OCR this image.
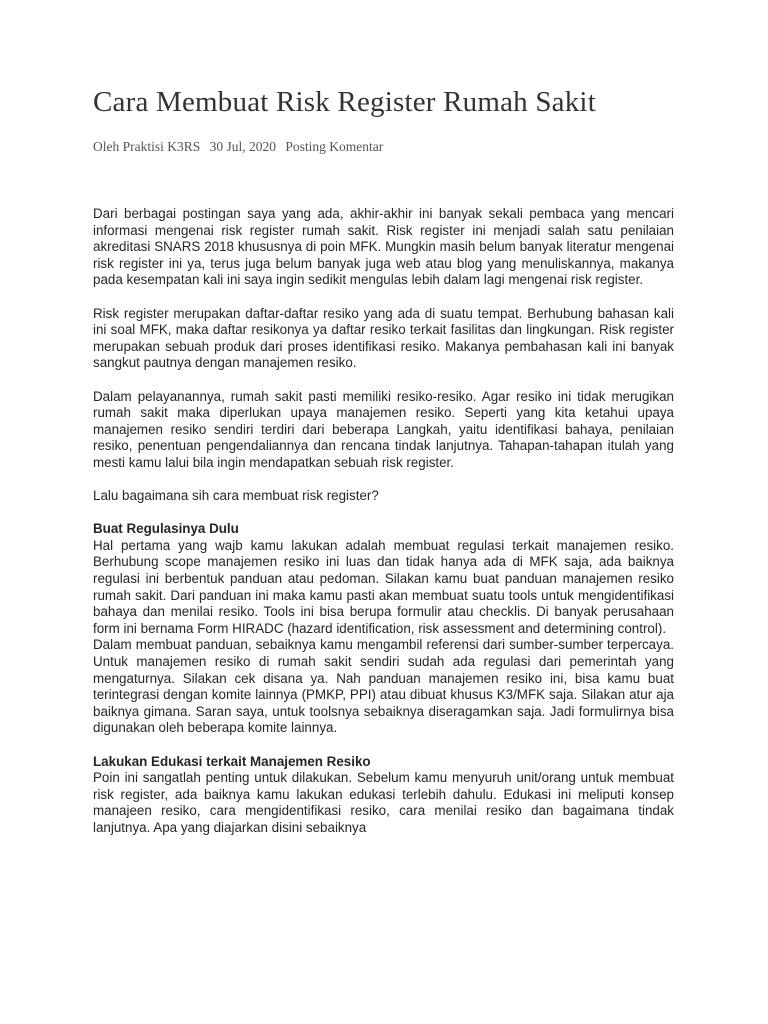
Cara Membuat Risk Register Rumah Sakit
Oleh Praktisi K3RS 30 Jul, 2020 Posting Komentar

Dari berbagai postingan saya yang ada, akhir-akhir ini banyak sekali pembaca yang mencari informasi mengenai risk register rumah sakit. Risk register ini menjadi salah satu penilaian akreditasi SNARS 2018 khususnya di poin MFK. Mungkin masih belum banyak literatur mengenai risk register ini ya, terus juga belum banyak juga web atau blog yang menuliskannya, makanya pada kesempatan kali ini saya ingin sedikit mengulas lebih dalam lagi mengenai risk register.

Risk register merupakan daftar-daftar resiko yang ada di suatu tempat. Berhubung bahasan kali ini soal MFK, maka daftar resikonya ya daftar resiko terkait fasilitas dan lingkungan. Risk register merupakan sebuah produk dari proses identifikasi resiko. Makanya pembahasan kali ini banyak sangkut pautnya dengan manajemen resiko.

Dalam pelayanannya, rumah sakit pasti memiliki resiko-resiko. Agar resiko ini tidak merugikan rumah sakit maka diperlukan upaya manajemen resiko. Seperti yang kita ketahui upaya manajemen resiko sendiri terdiri dari beberapa Langkah, yaitu identifikasi bahaya, penilaian resiko, penentuan pengendaliannya dan rencana tindak lanjutnya. Tahapan-tahapan itulah yang mesti kamu lalui bila ingin mendapatkan sebuah risk register.

Lalu bagaimana sih cara membuat risk register?

Buat Regulasinya Dulu

Hal pertama yang wajb kamu lakukan adalah membuat regulasi terkait manajemen resiko. Berhubung scope manajemen resiko ini luas dan tidak hanya ada di MFK saja, ada baiknya regulasi ini berbentuk panduan atau pedoman. Silakan kamu buat panduan manajemen resiko rumah sakit. Dari panduan ini maka kamu pasti akan membuat suatu tools untuk mengidentifikasi bahaya dan menilai resiko. Tools ini bisa berupa formulir atau checklis. Di banyak perusahaan form ini bernama Form HIRADC (hazard identification, risk assessment and determining control).

Dalam membuat panduan, sebaiknya kamu mengambil referensi dari sumber-sumber terpercaya. Untuk manajemen resiko di rumah sakit sendiri sudah ada regulasi dari pemerintah yang mengaturnya. Silakan cek disana ya. Nah panduan manajemen resiko ini, bisa kamu buat terintegrasi dengan komite lainnya (PMKP, PPI) atau dibuat khusus K3/MFK saja. Silakan atur aja baiknya gimana. Saran saya, untuk toolsnya sebaiknya diseragamkan saja. Jadi formulirnya bisa digunakan oleh beberapa komite lainnya.

Lakukan Edukasi terkait Manajemen Resiko

Poin ini sangatlah penting untuk dilakukan. Sebelum kamu menyuruh unit/orang untuk membuat risk register, ada baiknya kamu lakukan edukasi terlebih dahulu. Edukasi ini meliputi konsep manajeen resiko, cara mengidentifikasi resiko, cara menilai resiko dan bagaimana tindak lanjutnya. Apa yang diajarkan disini sebaiknya
